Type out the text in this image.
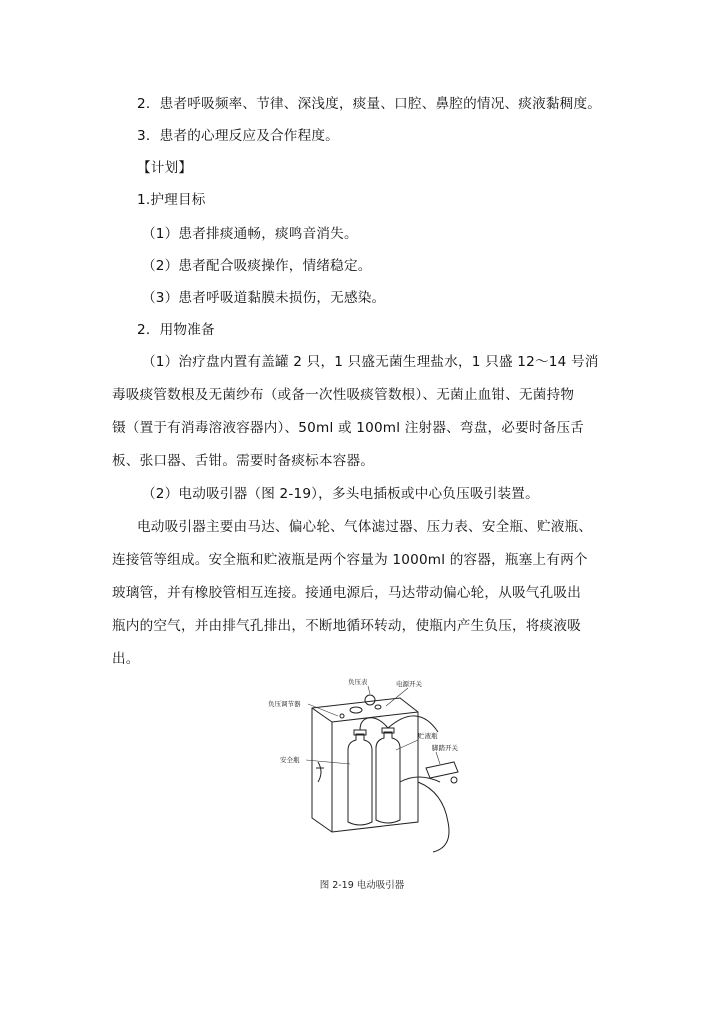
2．患者呼吸频率、节律、深浅度，痰量、口腔、鼻腔的情况、痰液黏稠度。
3．患者的心理反应及合作程度。
【计划】
1.护理目标
（1）患者排痰通畅，痰鸣音消失。
（2）患者配合吸痰操作，情绪稳定。
（3）患者呼吸道黏膜未损伤，无感染。
2．用物准备
（1）治疗盘内置有盖罐 2 只，1 只盛无菌生理盐水，1 只盛 12～14 号消
毒吸痰管数根及无菌纱布（或备一次性吸痰管数根）、无菌止血钳、无菌持物
镊（置于有消毒溶液容器内）、50ml 或 100ml 注射器、弯盘，必要时备压舌
板、张口器、舌钳。需要时备痰标本容器。
（2）电动吸引器（图 2-19），多头电插板或中心负压吸引装置。
电动吸引器主要由马达、偏心轮、气体滤过器、压力表、安全瓶、贮液瓶、
连接管等组成。安全瓶和贮液瓶是两个容量为 1000ml 的容器，瓶塞上有两个
玻璃管，并有橡胶管相互连接。接通电源后，马达带动偏心轮，从吸气孔吸出
瓶内的空气，并由排气孔排出，不断地循环转动，使瓶内产生负压，将痰液吸
出。
负压表	电源开关
负压调节器
贮液瓶
脚踏开关
安全瓶
图 2-19 电动吸引器
